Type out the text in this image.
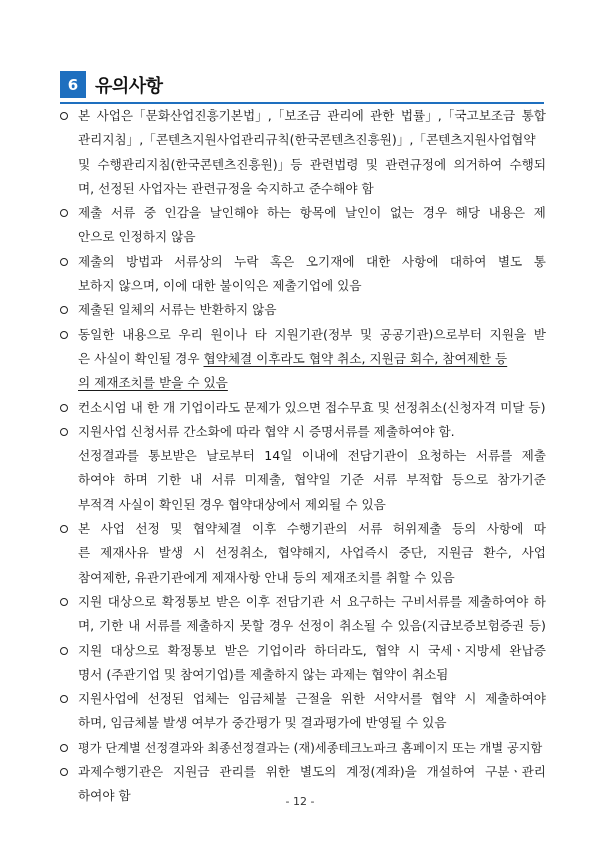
6 유의사항
본 사업은「문화산업진흥기본법」,「보조금 관리에 관한 법률」,「국고보조금 통합
관리지침」,「콘텐츠지원사업관리규칙(한국콘텐츠진흥원)」,「콘텐츠지원사업협약
및 수행관리지침(한국콘텐츠진흥원)」등 관련법령 및 관련규정에 의거하여 수행되
며, 선정된 사업자는 관련규정을 숙지하고 준수해야 함
제출 서류 중 인감을 날인해야 하는 항목에 날인이 없는 경우 해당 내용은 제
안으로 인정하지 않음
제출의 방법과 서류상의 누락 혹은 오기재에 대한 사항에 대하여 별도 통
보하지 않으며, 이에 대한 불이익은 제출기업에 있음
제출된 일체의 서류는 반환하지 않음
동일한 내용으로 우리 원이나 타 지원기관(정부 및 공공기관)으로부터 지원을 받
은 사실이 확인될 경우
협약체결 이후라도 협약 취소, 지원금 회수, 참여제한 등
의 제재조치를 받을 수 있음
컨소시엄 내 한 개 기업이라도 문제가 있으면 접수무효 및 선정취소(신청자격 미달 등)
지원사업 신청서류 간소화에 따라 협약 시 증명서류를 제출하여야 함.
선정결과를 통보받은 날로부터 14일 이내에 전담기관이 요청하는 서류를 제출
하여야 하며 기한 내 서류 미제출, 협약일 기준 서류 부적합 등으로 참가기준
부적격 사실이 확인된 경우 협약대상에서 제외될 수 있음
본 사업 선정 및 협약체결 이후 수행기관의 서류 허위제출 등의 사항에 따
른 제재사유 발생 시 선정취소, 협약해지, 사업즉시 중단, 지원금 환수, 사업
참여제한, 유관기관에게 제재사항 안내 등의 제재조치를 취할 수 있음
지원 대상으로 확정통보 받은 이후 전담기관 서 요구하는 구비서류를 제출하여야 하
며, 기한 내 서류를 제출하지 못할 경우 선정이 취소될 수 있음(지급보증보험증권 등)
지원 대상으로 확정통보 받은 기업이라 하더라도, 협약 시 국세ㆍ지방세 완납증
명서 (주관기업 및 참여기업)를 제출하지 않는 과제는 협약이 취소됨
지원사업에 선정된 업체는 임금체불 근절을 위한 서약서를 협약 시 제출하여야
하며, 임금체불 발생 여부가 중간평가 및 결과평가에 반영될 수 있음
평가 단계별 선정결과와 최종선정결과는 (재)세종테크노파크 홈페이지 또는 개별 공지함
과제수행기관은 지원금 관리를 위한 별도의 계정(계좌)을 개설하여 구분ㆍ관리
하여야 함	- 12 -
